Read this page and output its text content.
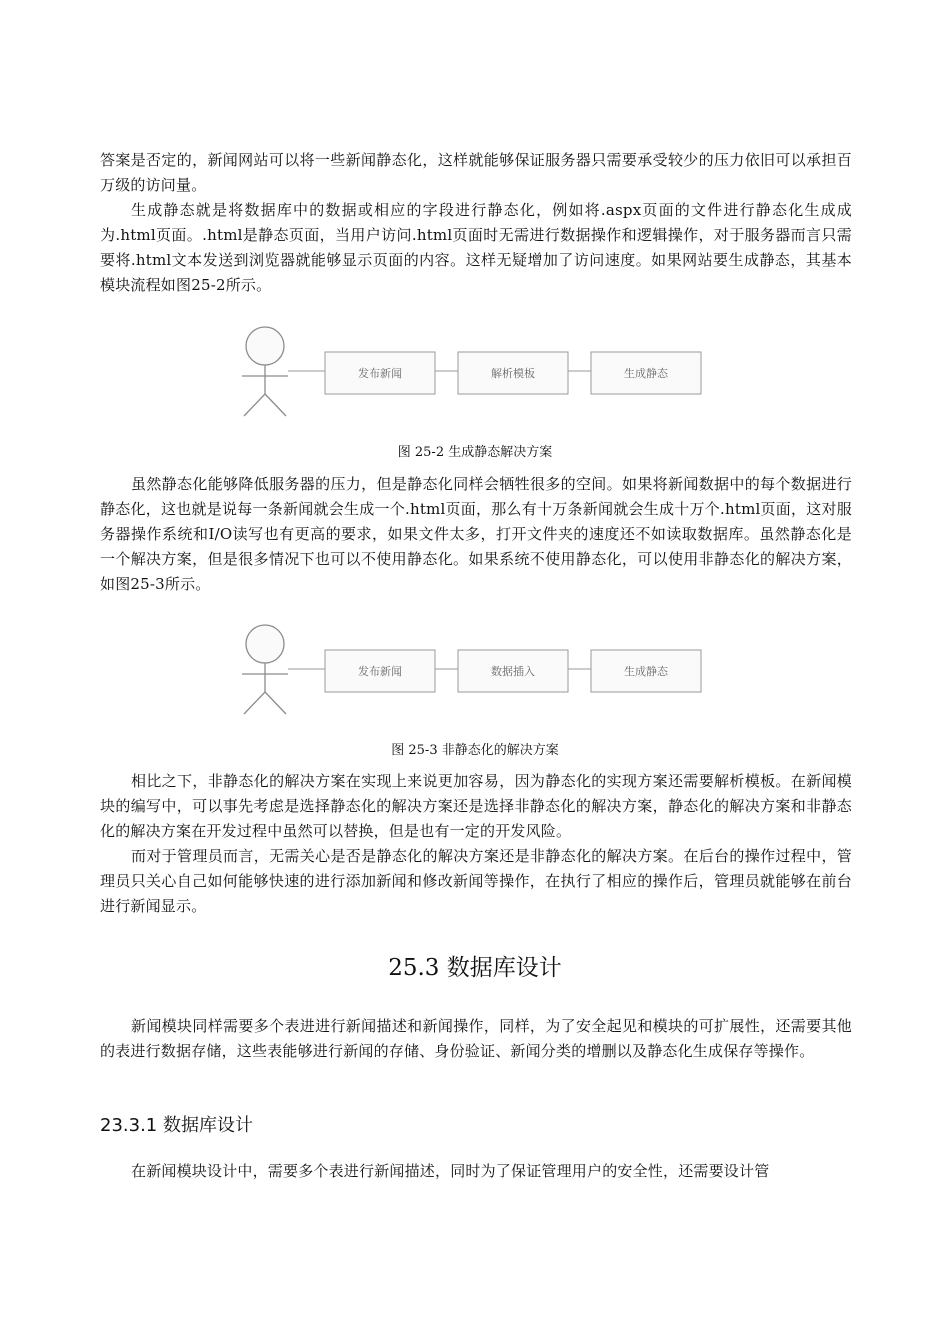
答案是否定的，新闻网站可以将一些新闻静态化，这样就能够保证服务器只需要承受较少的压力依旧可以承担百万级的访问量。

生成静态就是将数据库中的数据或相应的字段进行静态化，例如将.aspx页面的文件进行静态化生成成为.html页面。.html是静态页面，当用户访问.html页面时无需进行数据操作和逻辑操作，对于服务器而言只需要将.html文本发送到浏览器就能够显示页面的内容。这样无疑增加了访问速度。如果网站要生成静态，其基本模块流程如图25-2所示。

发布新闻	解析模板	生成静态

图 25-2 生成静态解决方案

虽然静态化能够降低服务器的压力，但是静态化同样会牺牲很多的空间。如果将新闻数据中的每个数据进行静态化，这也就是说每一条新闻就会生成一个.html页面，那么有十万条新闻就会生成十万个.html页面，这对服务器操作系统和I/O读写也有更高的要求，如果文件太多，打开文件夹的速度还不如读取数据库。虽然静态化是一个解决方案，但是很多情况下也可以不使用静态化。如果系统不使用静态化，可以使用非静态化的解决方案，如图25-3所示。

发布新闻	数据插入	生成静态

图 25-3 非静态化的解决方案

相比之下，非静态化的解决方案在实现上来说更加容易，因为静态化的实现方案还需要解析模板。在新闻模块的编写中，可以事先考虑是选择静态化的解决方案还是选择非静态化的解决方案，静态化的解决方案和非静态化的解决方案在开发过程中虽然可以替换，但是也有一定的开发风险。

而对于管理员而言，无需关心是否是静态化的解决方案还是非静态化的解决方案。在后台的操作过程中，管理员只关心自己如何能够快速的进行添加新闻和修改新闻等操作，在执行了相应的操作后，管理员就能够在前台进行新闻显示。

25.3 数据库设计

新闻模块同样需要多个表进进行新闻描述和新闻操作，同样，为了安全起见和模块的可扩展性，还需要其他的表进行数据存储，这些表能够进行新闻的存储、身份验证、新闻分类的增删以及静态化生成保存等操作。

23.3.1 数据库设计

在新闻模块设计中，需要多个表进行新闻描述，同时为了保证管理用户的安全性，还需要设计管
